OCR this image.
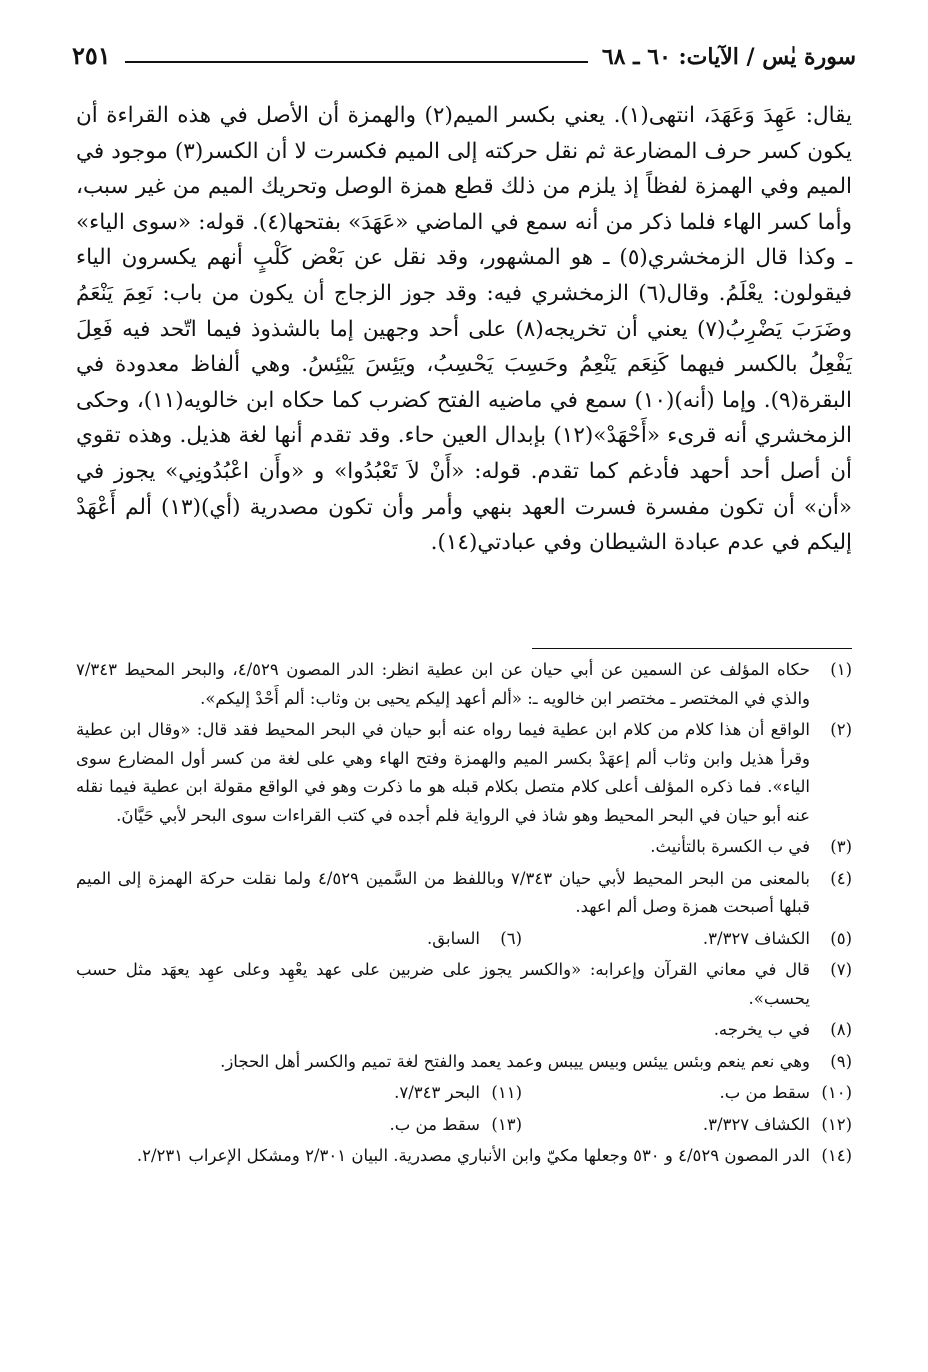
سورة يٰس / الآيات: ٦٠ ـ ٦٨
٢٥١

يقال: عَهِدَ وَعَهَدَ، انتهى(١). يعني بكسر الميم(٢) والهمزة أن الأصل في هذه القراءة أن يكون كسر حرف المضارعة ثم نقل حركته إلى الميم فكسرت لا أن الكسر(٣) موجود في الميم وفي الهمزة لفظاً إذ يلزم من ذلك قطع همزة الوصل وتحريك الميم من غير سبب، وأما كسر الهاء فلما ذكر من أنه سمع في الماضي «عَهَدَ» بفتحها(٤). قوله: «سوى الياء» ـ وكذا قال الزمخشري(٥) ـ هو المشهور، وقد نقل عن بَعْض كَلْبٍ أنهم يكسرون الياء فيقولون: يعْلَمُ. وقال(٦) الزمخشري فيه: وقد جوز الزجاج أن يكون من باب: نَعِمَ يَنْعَمُ وضَرَبَ يَضْرِبُ(٧) يعني أن تخريجه(٨) على أحد وجهين إما بالشذوذ فيما اتّحد فيه فَعِلَ يَفْعِلُ بالكسر فيهما كَنِعَم يَنْعِمُ وحَسِبَ يَحْسِبُ، ويَئِسَ يَيْئِسُ. وهي ألفاظ معدودة في البقرة(٩). وإما (أنه)(١٠) سمع في ماضيه الفتح كضرب كما حكاه ابن خالويه(١١)، وحكى الزمخشري أنه قرىء «أَحْهَدْ»(١٢) بإبدال العين حاء. وقد تقدم أنها لغة هذيل. وهذه تقوي أن أصل أحد أحهد فأدغم كما تقدم. قوله: «أَنْ لاَ تَعْبُدُوا» و «وأَن اعْبُدُونِي» يجوز في «أن» أن تكون مفسرة فسرت العهد بنهي وأمر وأن تكون مصدرية (أي)(١٣) ألم أَعْهَدْ إليكم في عدم عبادة الشيطان وفي عبادتي(١٤).

(١)
حكاه المؤلف عن السمين عن أبي حيان عن ابن عطية انظر: الدر المصون ٤/٥٢٩، والبحر المحيط ٧/٣٤٣ والذي في المختصر ـ مختصر ابن خالويه ـ: «ألم أعهد إليكم يحيى بن وثاب: ألم أَحْدْ إليكم».
(٢)
الواقع أن هذا كلام من كلام ابن عطية فيما رواه عنه أبو حيان في البحر المحيط فقد قال: «وقال ابن عطية وقرأ هذيل وابن وثاب ألم إعهَدْ بكسر الميم والهمزة وفتح الهاء وهي على لغة من كسر أول المضارع سوى الياء». فما ذكره المؤلف أعلى كلام متصل بكلام قبله هو ما ذكرت وهو في الواقع مقولة ابن عطية فيما نقله عنه أبو حيان في البحر المحيط وهو شاذ في الرواية فلم أجده في كتب القراءات سوى البحر لأبي حَيَّانَ.
(٣)
في ب الكسرة بالتأنيث.
(٤)
بالمعنى من البحر المحيط لأبي حيان ٧/٣٤٣ وباللفظ من السَّمين ٤/٥٢٩ ولما نقلت حركة الهمزة إلى الميم قبلها أصبحت همزة وصل ألم اعهد.
(٥)
الكشاف ٣/٣٢٧.
(٦)
السابق.
(٧)
قال في معاني القرآن وإعرابه: «والكسر يجوز على ضربين على عهد يعْهِد وعلى عهِد يعهَد مثل حسب يحسب».
(٨)
في ب يخرجه.
(٩)
وهي نعم ينعم وبئس ييئس وبيس ييبس وعمد يعمد والفتح لغة تميم والكسر أهل الحجاز.
(١٠)
سقط من ب.
(١١)
البحر ٧/٣٤٣.
(١٢)
الكشاف ٣/٣٢٧.
(١٣)
سقط من ب.
(١٤)
الدر المصون ٤/٥٢٩ و ٥٣٠ وجعلها مكيّ وابن الأنباري مصدرية. البيان ٢/٣٠١ ومشكل الإعراب ٢/٢٣١.
